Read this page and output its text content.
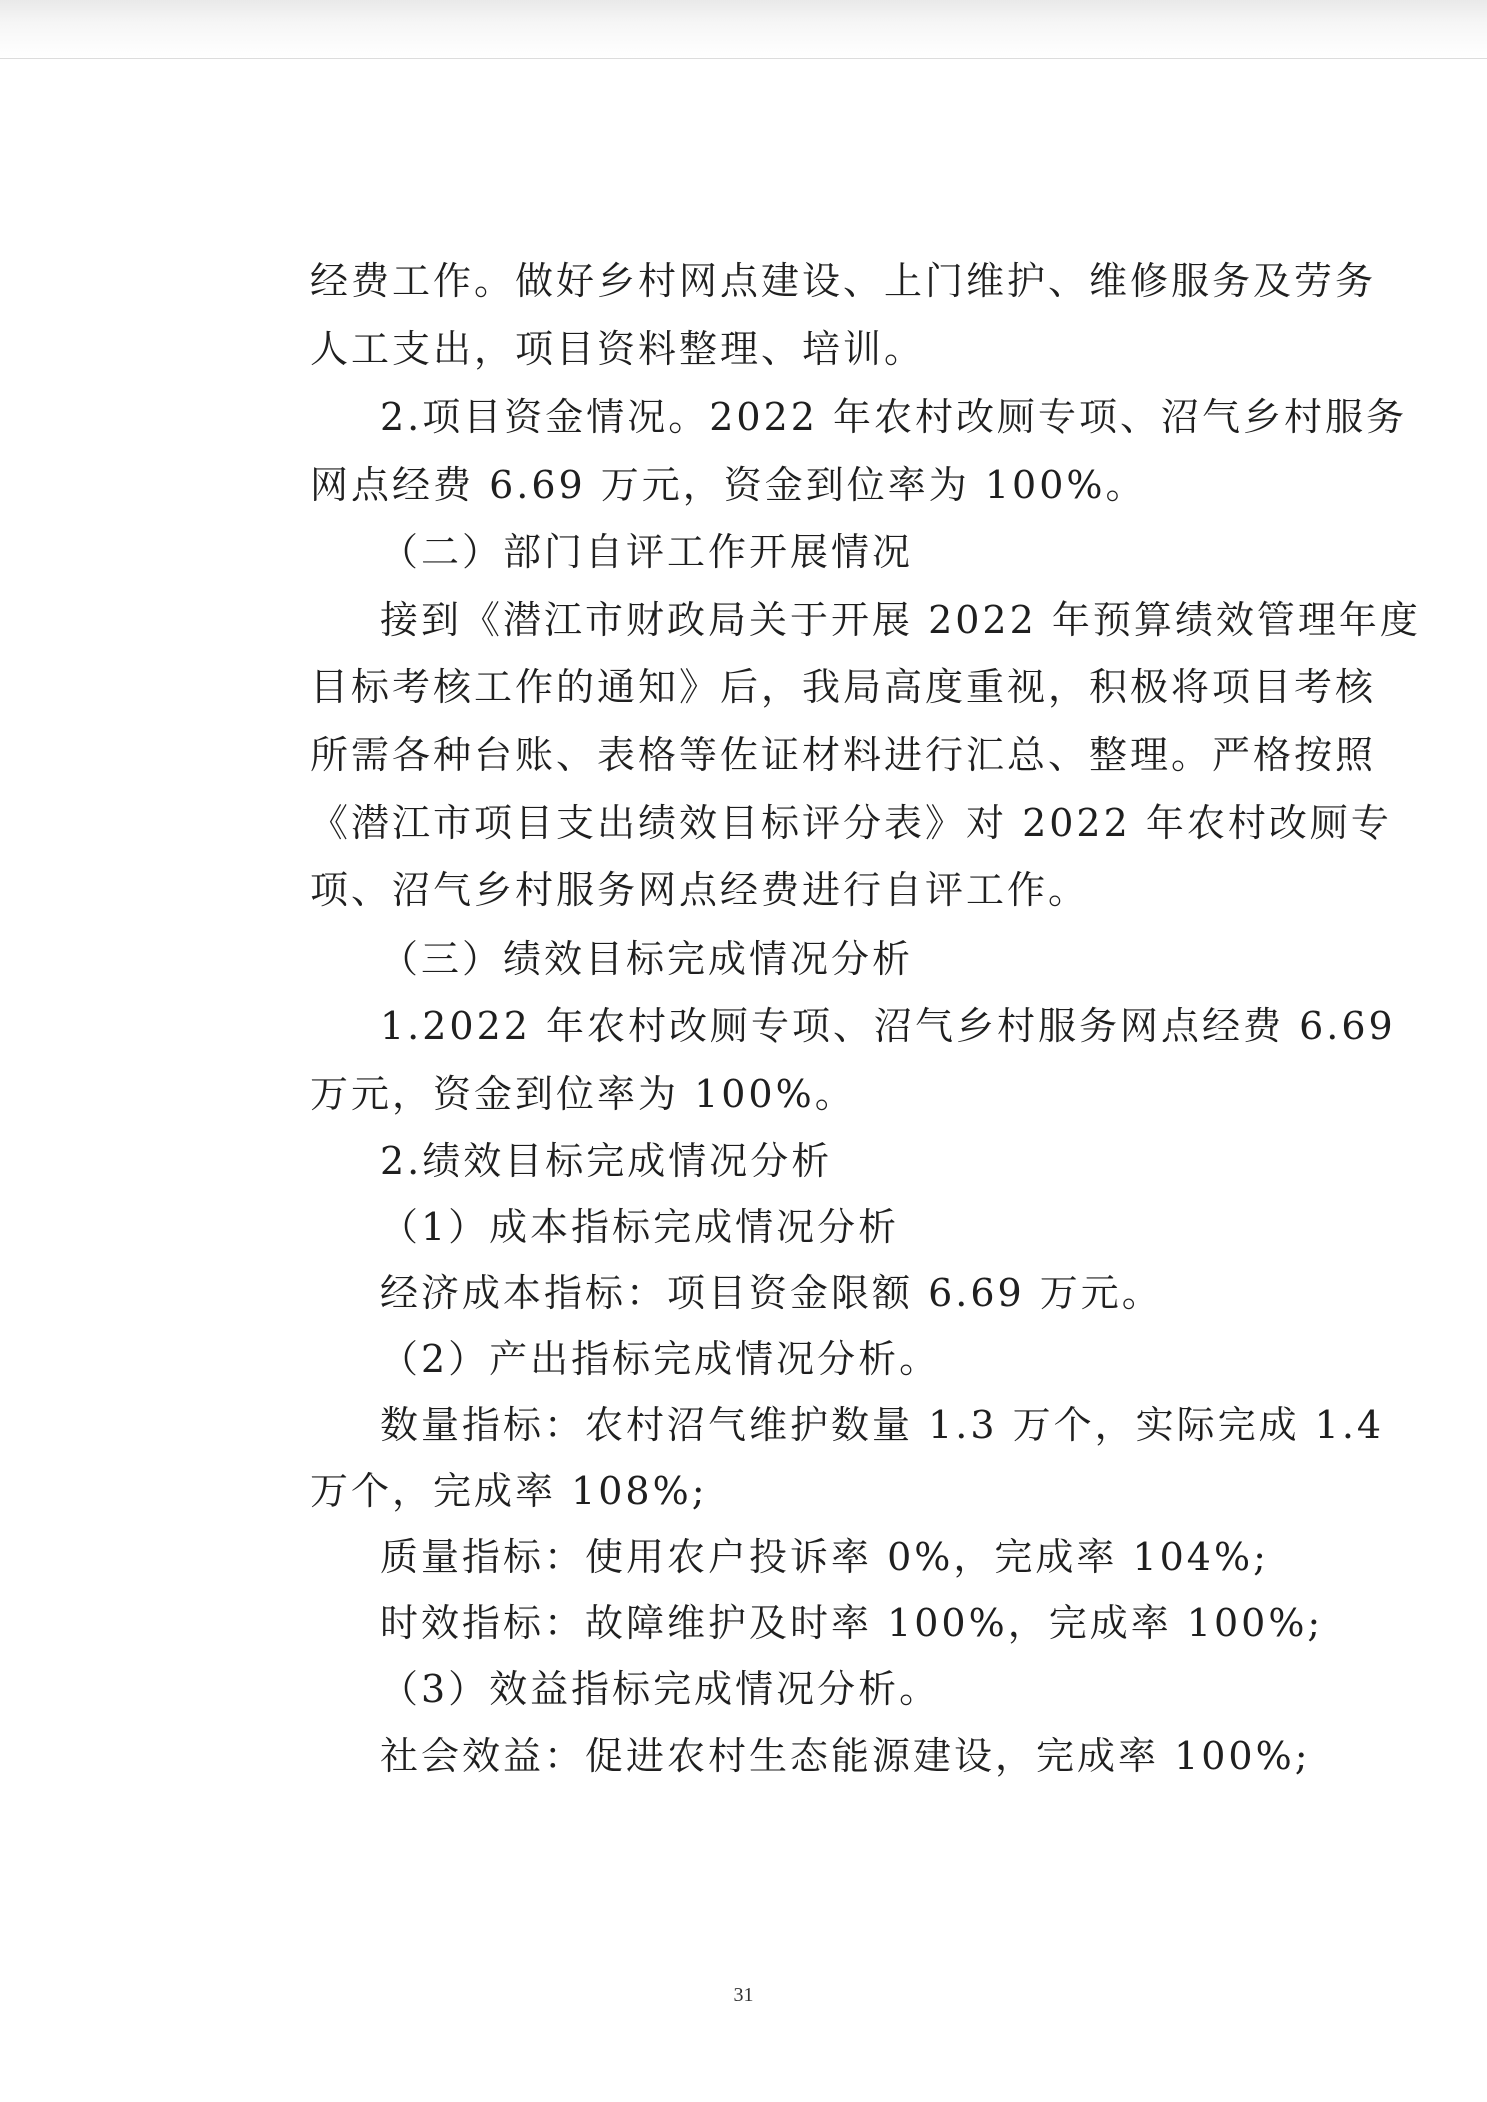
经费工作。做好乡村网点建设、上门维护、维修服务及劳务
人工支出，项目资料整理、培训。
2.项目资金情况。2022 年农村改厕专项、沼气乡村服务
网点经费 6.69 万元，资金到位率为 100%。
（二）部门自评工作开展情况
接到《潜江市财政局关于开展 2022 年预算绩效管理年度
目标考核工作的通知》后，我局高度重视，积极将项目考核
所需各种台账、表格等佐证材料进行汇总、整理。严格按照
《潜江市项目支出绩效目标评分表》对 2022 年农村改厕专
项、沼气乡村服务网点经费进行自评工作。
（三）绩效目标完成情况分析
1.2022 年农村改厕专项、沼气乡村服务网点经费 6.69
万元，资金到位率为 100%。
2.绩效目标完成情况分析
（1）成本指标完成情况分析
经济成本指标：项目资金限额 6.69 万元。
（2）产出指标完成情况分析。
数量指标：农村沼气维护数量 1.3 万个，实际完成 1.4
万个，完成率 108%;
质量指标：使用农户投诉率 0%，完成率 104%;
时效指标：故障维护及时率 100%，完成率 100%;
（3）效益指标完成情况分析。
社会效益：促进农村生态能源建设，完成率 100%;
31
